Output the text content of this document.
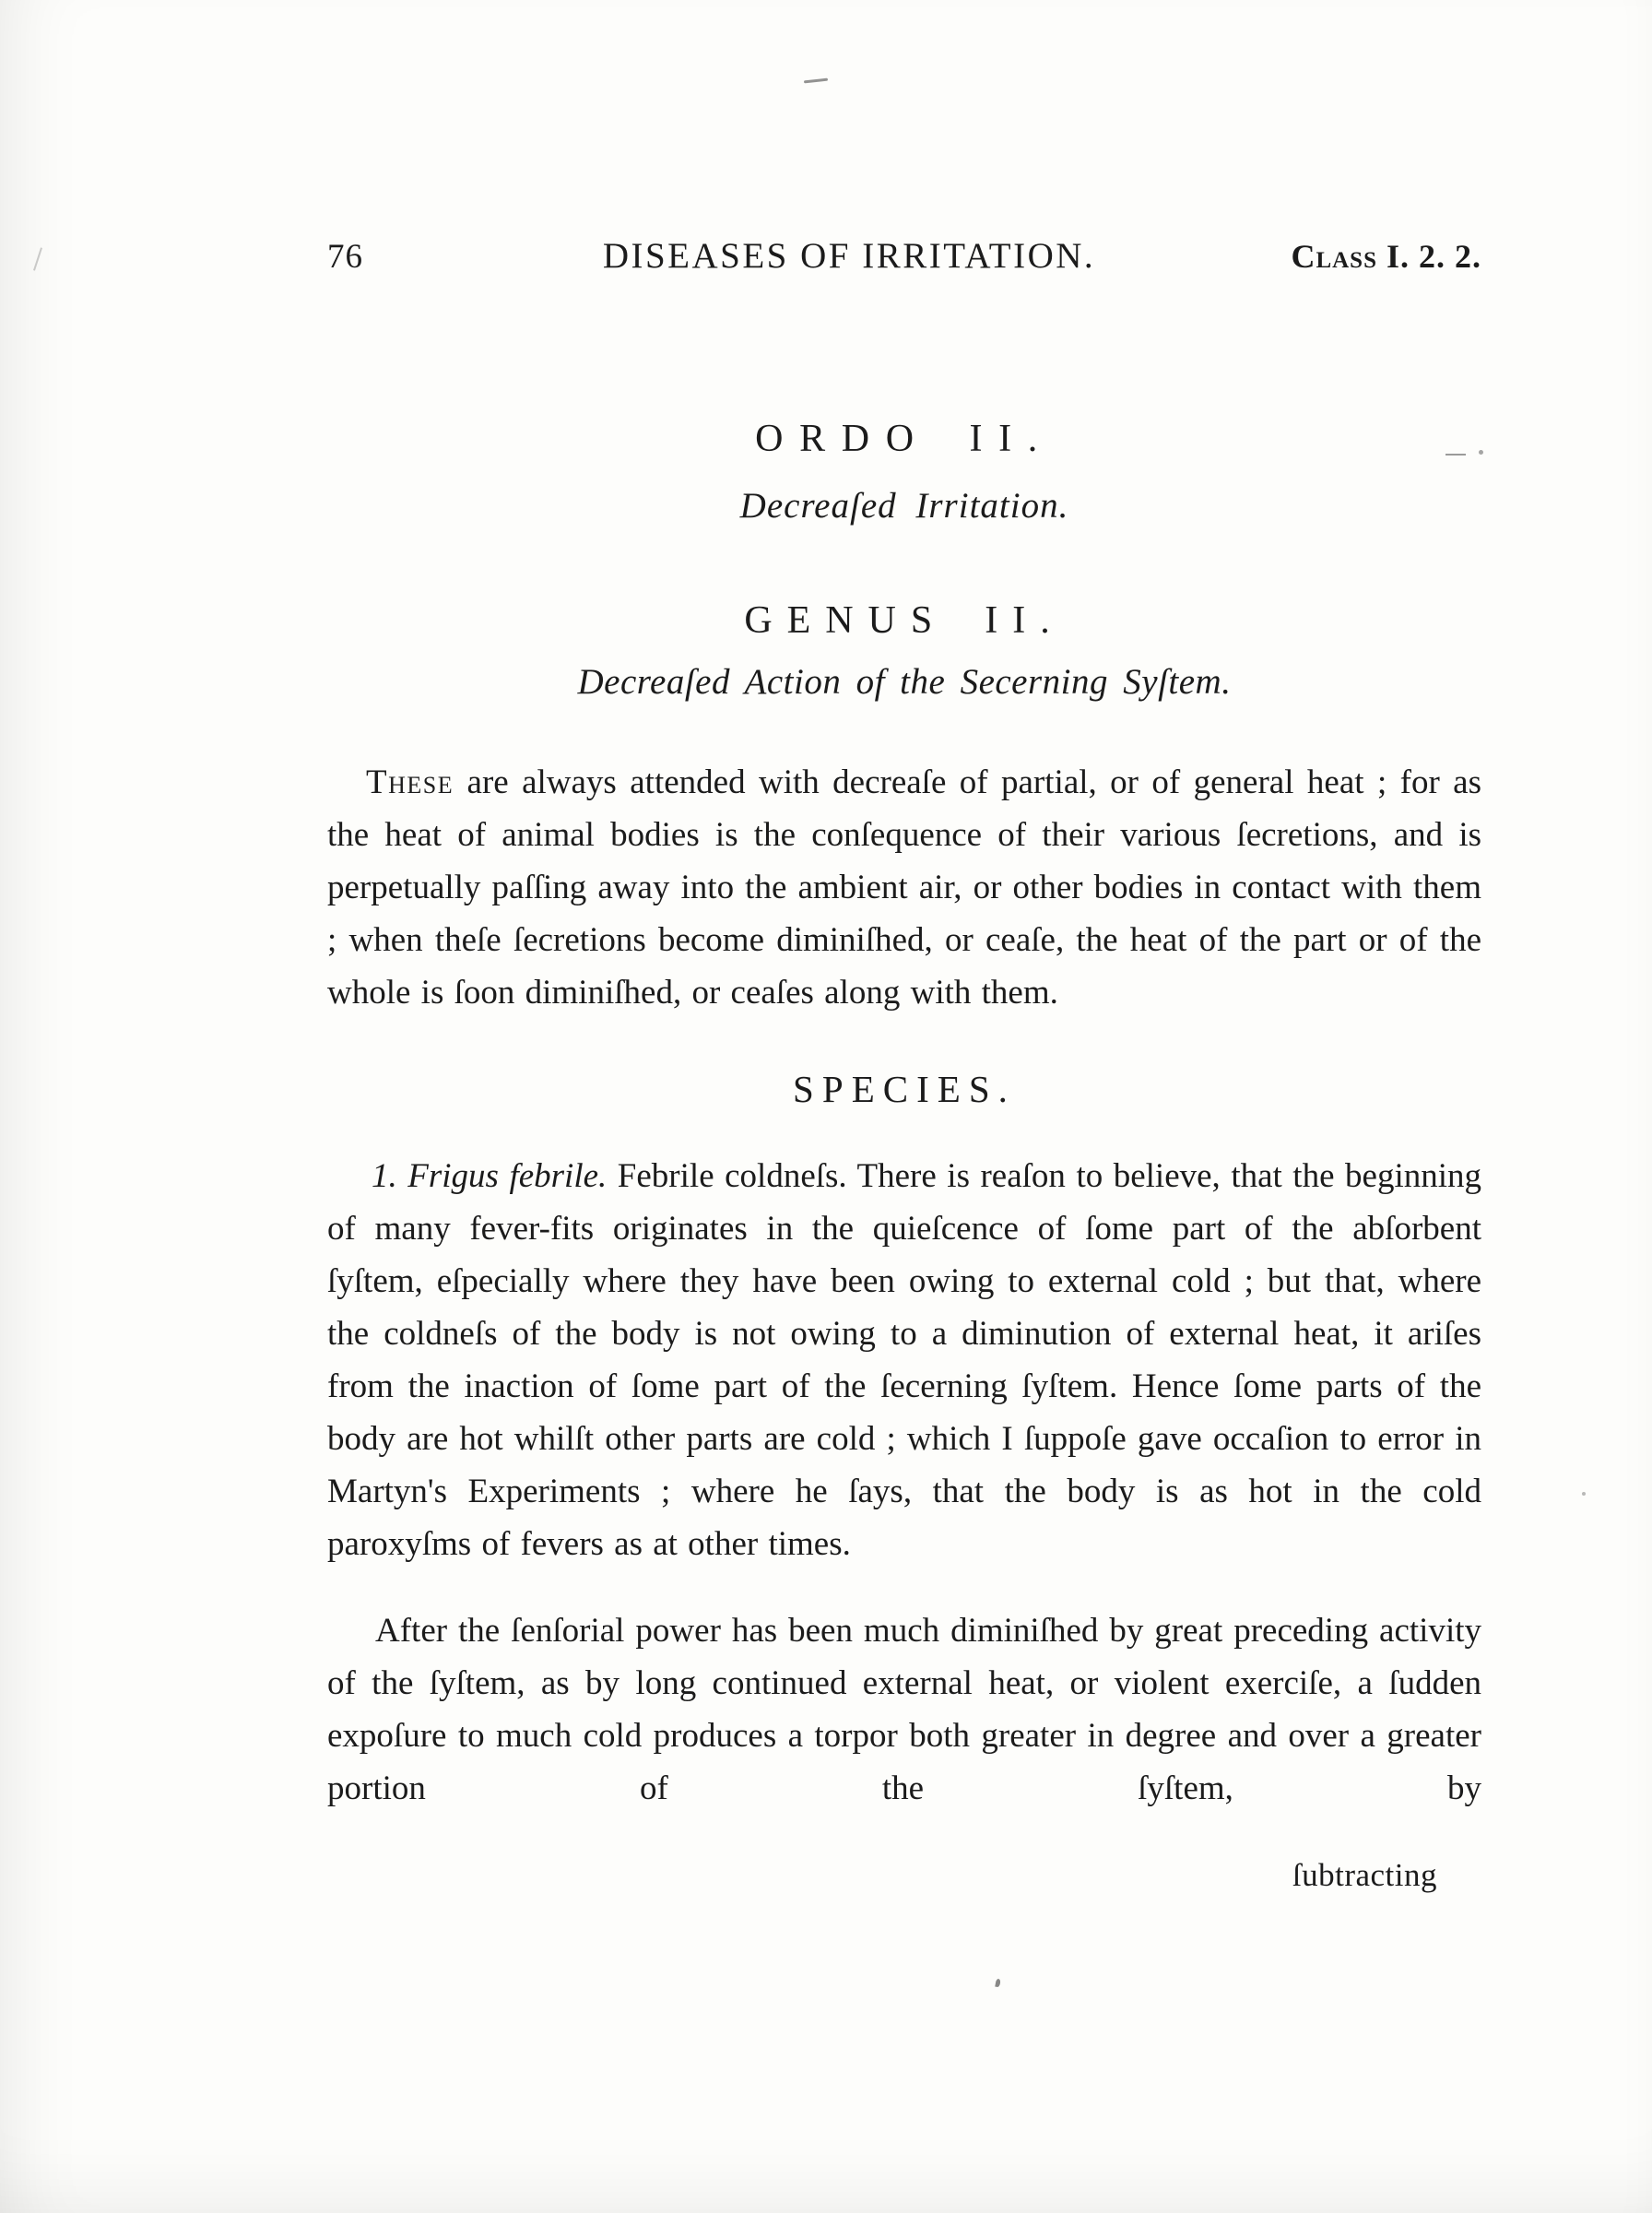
76	DISEASES OF IRRITATION.	Class I. 2. 2.
ORDO II.
Decreaſed Irritation.
GENUS II.
Decreaſed Action of the Secerning Syſtem.

These are always attended with decreaſe of partial, or of general heat ; for as the heat of animal bodies is the conſequence of their various ſecretions, and is perpetually paſſing away into the ambient air, or other bodies in contact with them ; when theſe ſecretions become diminiſhed, or ceaſe, the heat of the part or of the whole is ſoon diminiſhed, or ceaſes along with them.

SPECIES.

1. Frigus febrile. Febrile coldneſs. There is reaſon to believe, that the beginning of many fever-fits originates in the quieſcence of ſome part of the abſorbent ſyſtem, eſpecially where they have been owing to external cold ; but that, where the coldneſs of the body is not owing to a diminution of external heat, it ariſes from the inaction of ſome part of the ſecerning ſyſtem. Hence ſome parts of the body are hot whilſt other parts are cold ; which I ſuppoſe gave occaſion to error in Martyn's Experiments ; where he ſays, that the body is as hot in the cold paroxyſms of fevers as at other times.

After the ſenſorial power has been much diminiſhed by great preceding activity of the ſyſtem, as by long continued external heat, or violent exerciſe, a ſudden expoſure to much cold produces a torpor both greater in degree and over a greater portion of the ſyſtem, by

ſubtracting
